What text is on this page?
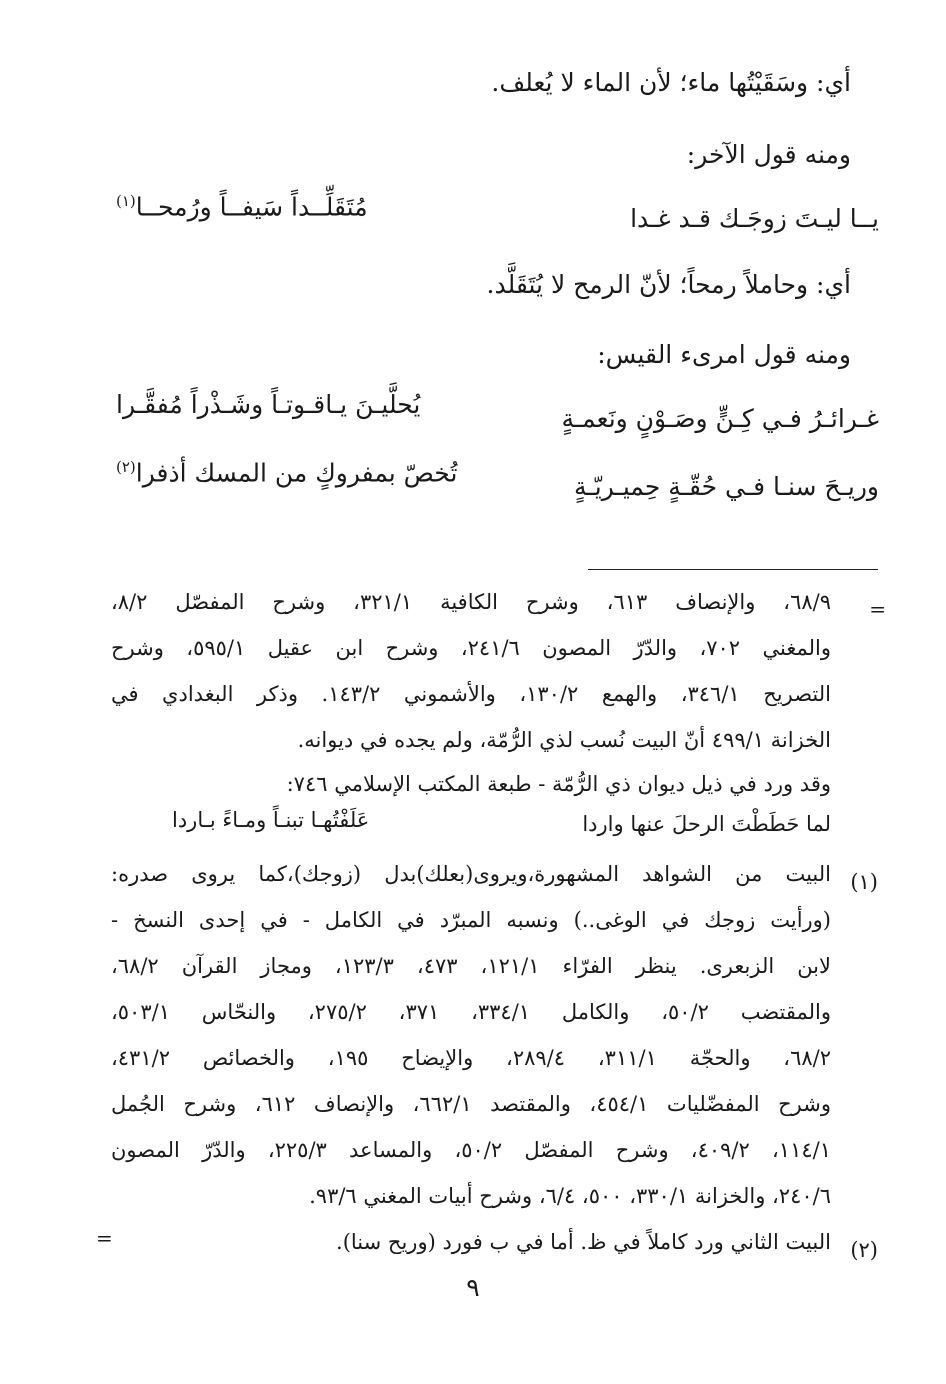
أي: وسَقَيْتُها ماء؛ لأن الماء لا يُعلف.
ومنه قول الآخر:
يــا ليـتَ زوجَـك قـد غـدا
مُتَقَلِّــداً سَيفــاً ورُمحــا$^{(١)}$
أي: وحاملاً رمحاً؛ لأنّ الرمح لا يُتَقَلَّد.
ومنه قول امرىء القيس:
غـرائـرُ فـي كِـنٍّ وصَـوْنٍ ونَعمـةٍ
يُحلَّيـنَ يـاقـوتـاً وشَـذْراً مُفقَّـرا
وريـحَ سنـا فـي حُقّـةٍ حِميـريّـةٍ
تُخصّ بمفروكٍ من المسك أذفرا$^{(٢)}$
=
٦٨/٩، والإنصاف ٦١٣، وشرح الكافية ٣٢١/١، وشرح المفصّل ٨/٢،
والمغني ٧٠٢، والدّرّ المصون ٢٤١/٦، وشرح ابن عقيل ٥٩٥/١، وشرح
التصريح ٣٤٦/١، والهمع ١٣٠/٢، والأشموني ١٤٣/٢. وذكر البغدادي في
الخزانة ٤٩٩/١ أنّ البيت نُسب لذي الرُّمّة، ولم يجده في ديوانه.
وقد ورد في ذيل ديوان ذي الرُّمّة - طبعة المكتب الإسلامي ٧٤٦:
لما حَطَطْتَ الرحلَ عنها واردا
عَلَفْتُهـا تبنـاً ومـاءً بـاردا
(١)
البيت من الشواهد المشهورة،ويروى(بعلك)بدل (زوجك)،كما يروى صدره:
(ورأيت زوجك في الوغى..) ونسبه المبرّد في الكامل - في إحدى النسخ -
لابن الزبعرى. ينظر الفرّاء ١٢١/١، ٤٧٣، ١٢٣/٣، ومجاز القرآن ٦٨/٢،
والمقتضب ٥٠/٢، والكامل ٣٣٤/١، ٣٧١، ٢٧٥/٢، والنحّاس ٥٠٣/١،
٦٨/٢، والحجّة ٣١١/١، ٢٨٩/٤، والإيضاح ١٩٥، والخصائص ٤٣١/٢،
وشرح المفضّليات ٤٥٤/١، والمقتصد ٦٦٢/١، والإنصاف ٦١٢، وشرح الجُمل
١١٤/١، ٤٠٩/٢، وشرح المفصّل ٥٠/٢، والمساعد ٢٢٥/٣، والدّرّ المصون
٢٤٠/٦، والخزانة ٣٣٠/١، ٥٠٠، ٦/٤، وشرح أبيات المغني ٩٣/٦.
(٢)
البيت الثاني ورد كاملاً في ظ. أما في ب فورد (وريح سنا).
=
٩
